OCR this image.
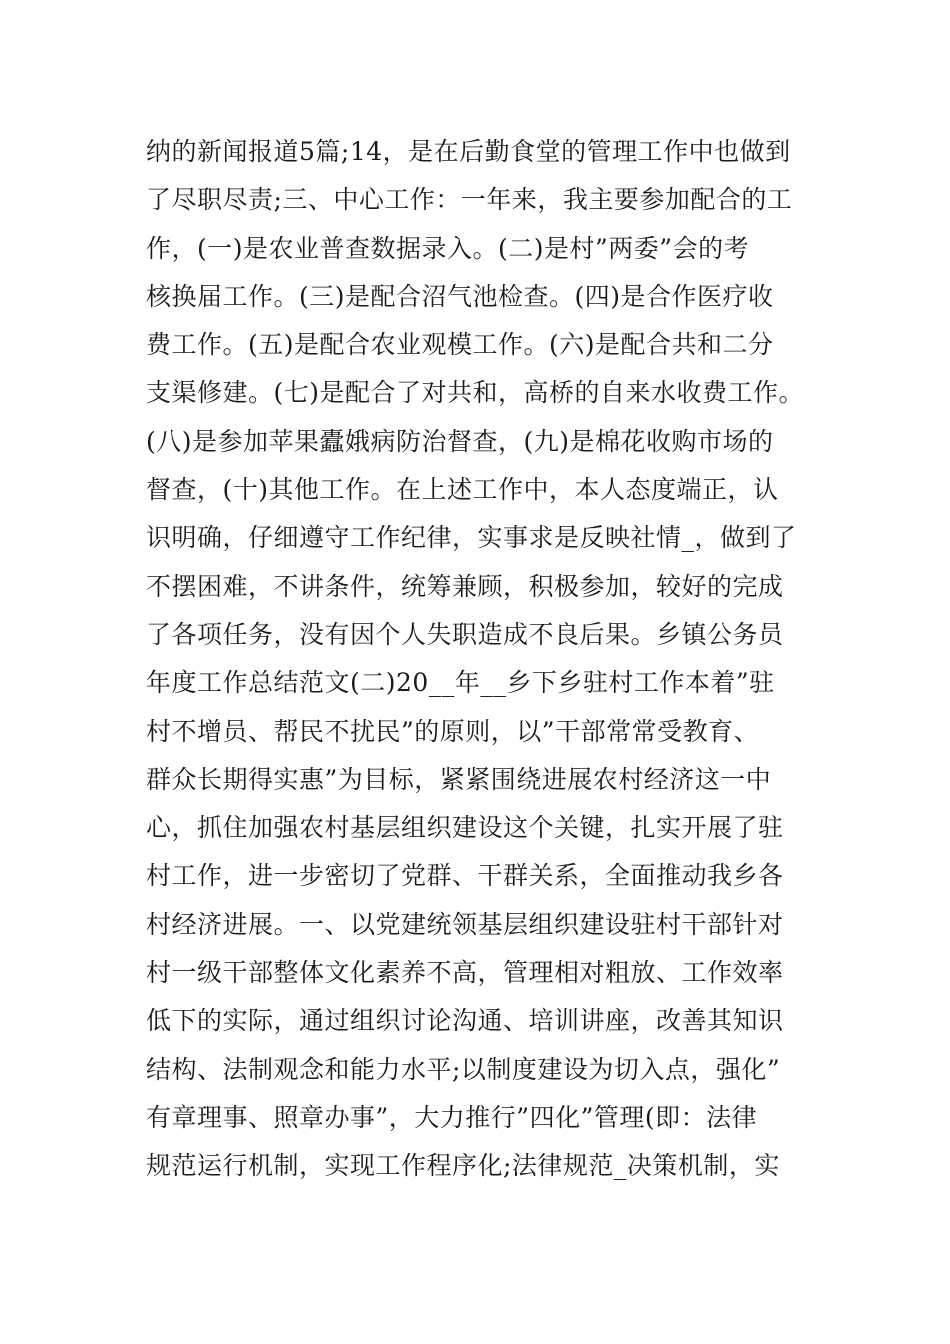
纳的新闻报道5篇;14，是在后勤食堂的管理工作中也做到
了尽职尽责;三、中心工作：一年来，我主要参加配合的工
作，(一)是农业普查数据录入。(二)是村”两委”会的考
核换届工作。(三)是配合沼气池检查。(四)是合作医疗收
费工作。(五)是配合农业观模工作。(六)是配合共和二分
支渠修建。(七)是配合了对共和，高桥的自来水收费工作。
(八)是参加苹果蠹娥病防治督查，(九)是棉花收购市场的
督查，(十)其他工作。在上述工作中，本人态度端正，认
识明确，仔细遵守工作纪律，实事求是反映社情_，做到了
不摆困难，不讲条件，统筹兼顾，积极参加，较好的完成
了各项任务，没有因个人失职造成不良后果。乡镇公务员
年度工作总结范文(二)20__年__乡下乡驻村工作本着”驻
村不增员、帮民不扰民”的原则，以”干部常常受教育、
群众长期得实惠”为目标，紧紧围绕进展农村经济这一中
心，抓住加强农村基层组织建设这个关键，扎实开展了驻
村工作，进一步密切了党群、干群关系，全面推动我乡各
村经济进展。一、以党建统领基层组织建设驻村干部针对
村一级干部整体文化素养不高，管理相对粗放、工作效率
低下的实际，通过组织讨论沟通、培训讲座，改善其知识
结构、法制观念和能力水平;以制度建设为切入点，强化”
有章理事、照章办事”，大力推行”四化”管理(即：法律
规范运行机制，实现工作程序化;法律规范_决策机制，实
